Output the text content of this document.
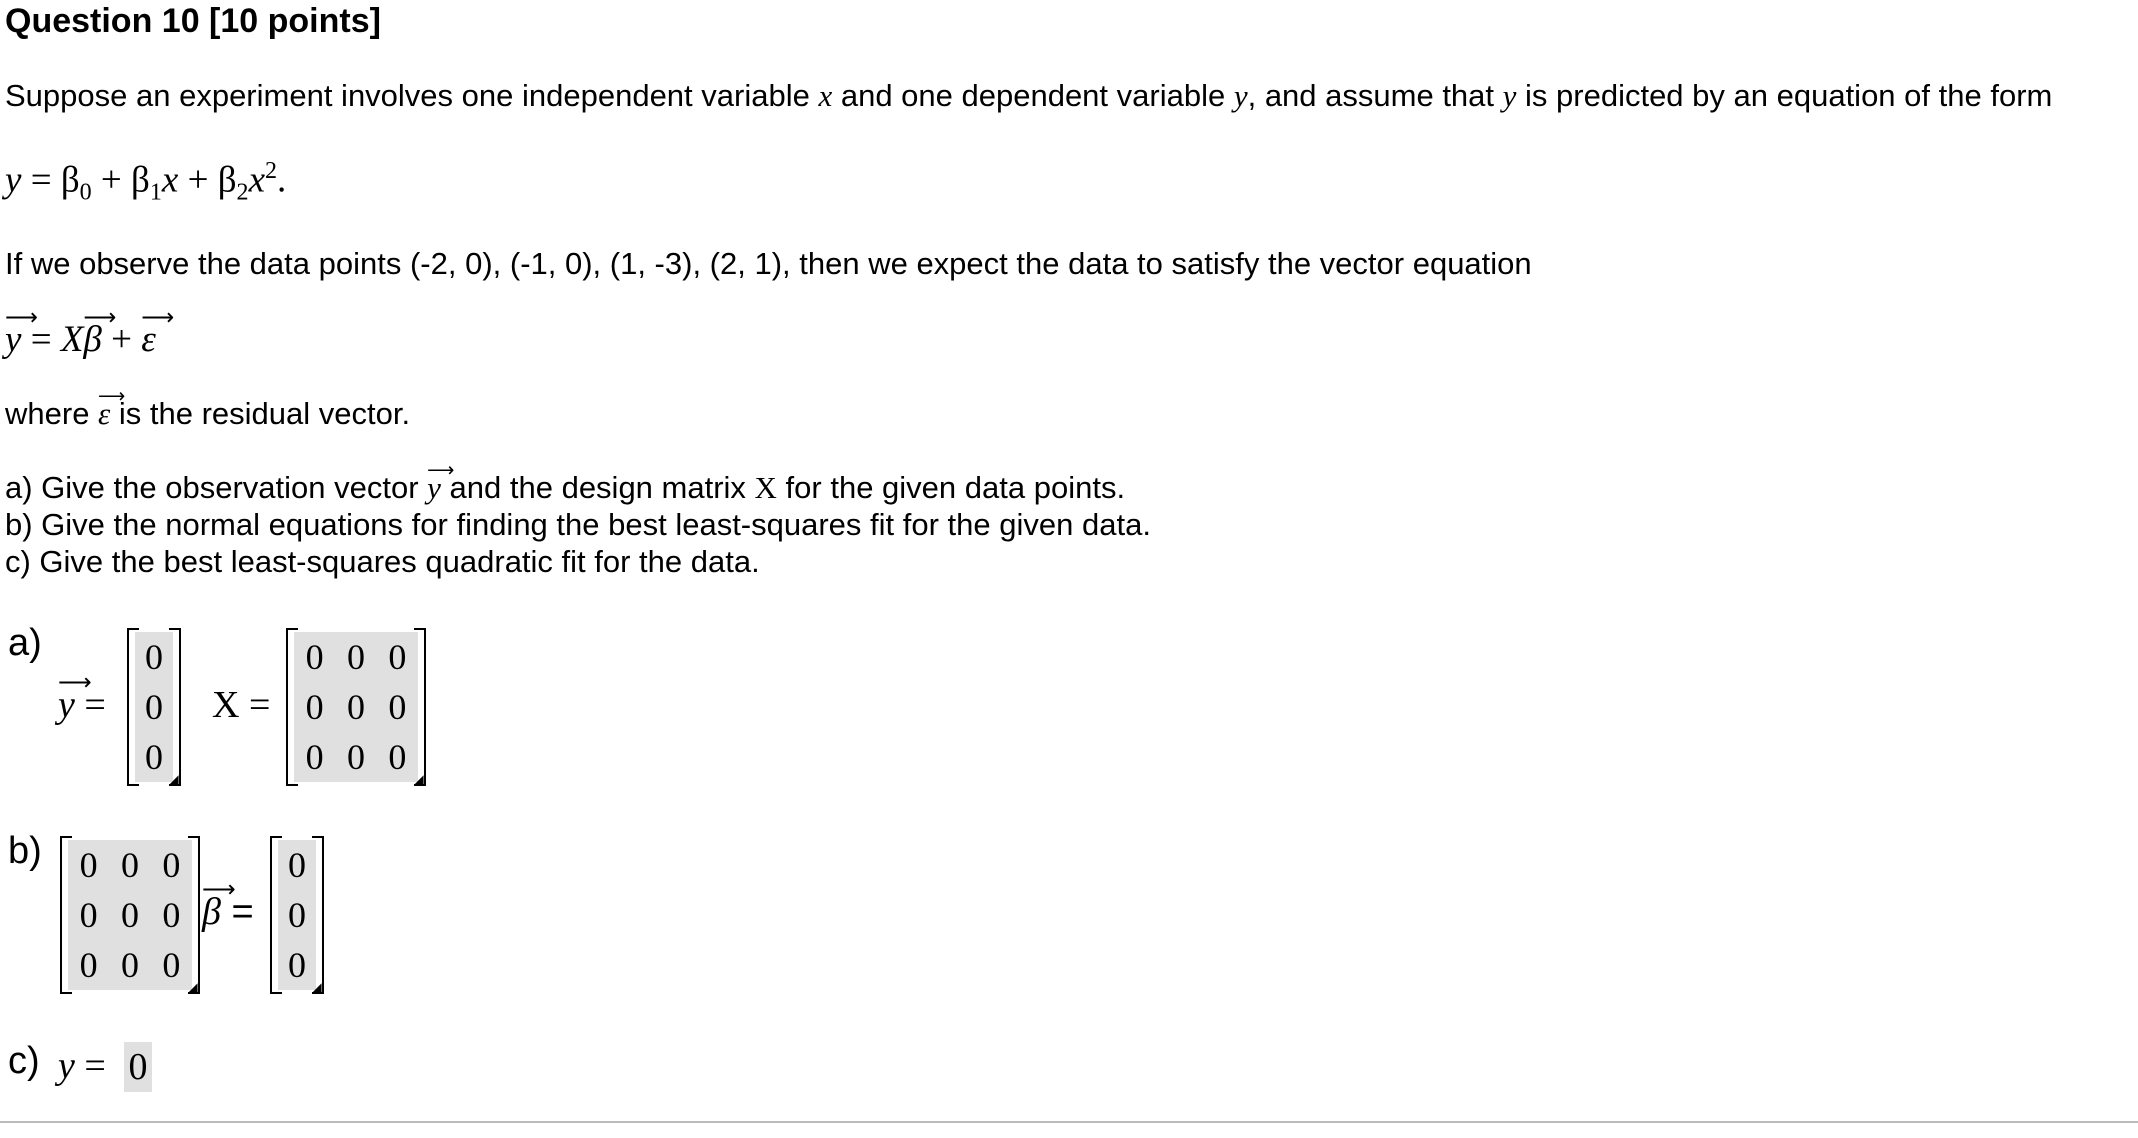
Question 10 [10 points]
Suppose an experiment involves one independent variable x and one dependent variable y, and assume that y is predicted by an equation of the form
$y = \beta_0 + \beta_1x + \beta_2x^2$.
If we observe the data points (-2, 0), (-1, 0), (1, -3), (2, 1), then we expect the data to satisfy the vector equation
⟶ y = X⟶ β + ⟶ ε
where ⟶ ε is the residual vector.
a) Give the observation vector ⟶ y and the design matrix X for the given data points.
b) Give the normal equations for finding the best least-squares fit for the given data.
c) Give the best least-squares quadratic fit for the data.
a)
⟶ y =
0
0
0
◢
X =
0 0 0
0 0 0
0 0 0
◢
b)	0 0 0
0 0 0
0 0 0
◢
⟶ β =
0
0
0
◢
c) y = 0
